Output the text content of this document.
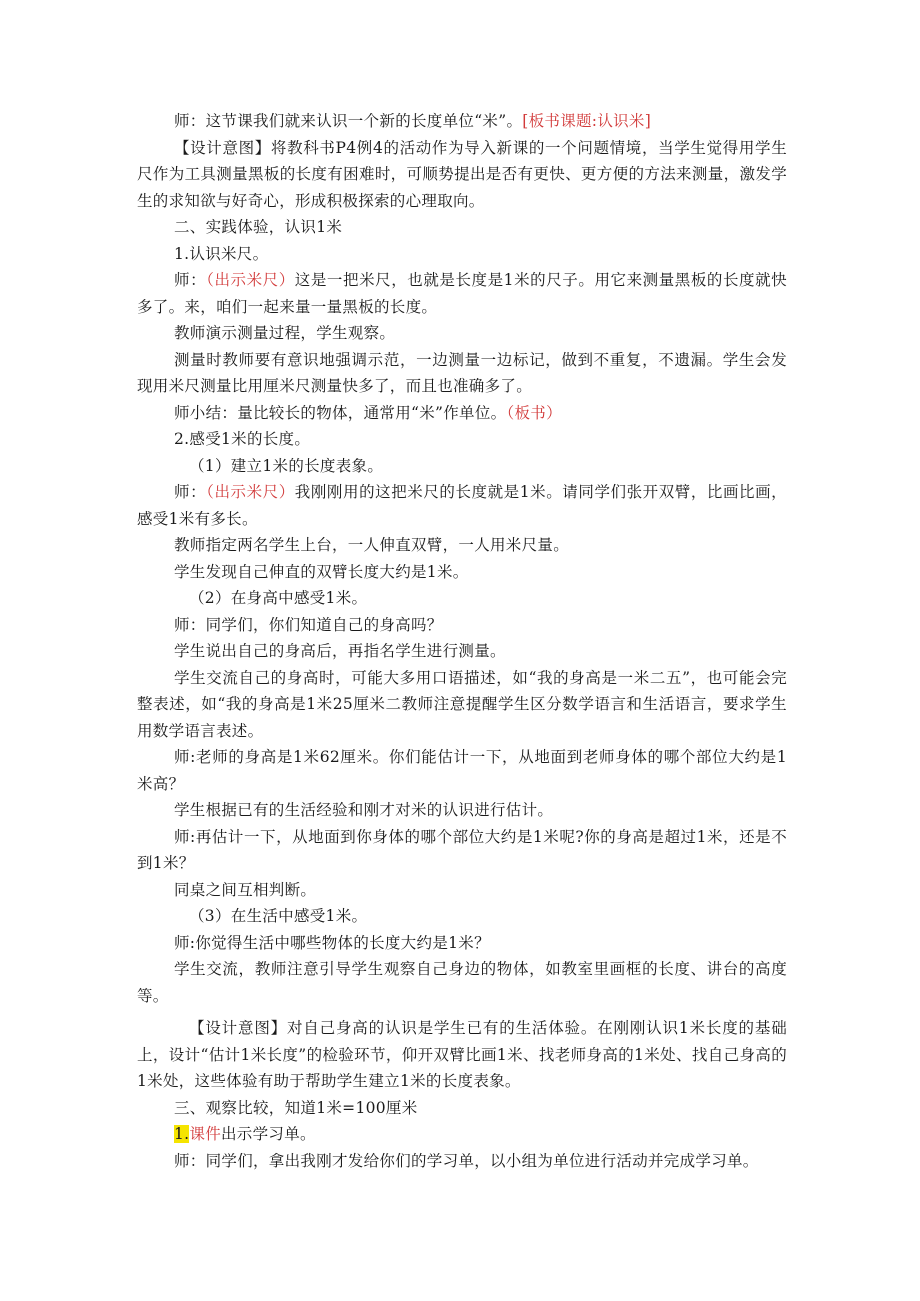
师：这节课我们就来认识一个新的长度单位“米”。[板书课题:认识米]

【设计意图】将教科书P4例4的活动作为导入新课的一个问题情境，当学生觉得用学生尺作为工具测量黑板的长度有困难时，可顺势提出是否有更快、更方便的方法来测量，激发学生的求知欲与好奇心，形成积极探索的心理取向。

二、实践体验，认识1米

1.认识米尺。

师：（出示米尺）这是一把米尺，也就是长度是1米的尺子。用它来测量黑板的长度就快多了。来，咱们一起来量一量黑板的长度。

教师演示测量过程，学生观察。

测量时教师要有意识地强调示范，一边测量一边标记，做到不重复，不遗漏。学生会发现用米尺测量比用厘米尺测量快多了，而且也准确多了。

师小结：量比较长的物体，通常用“米”作单位。（板书）

2.感受1米的长度。

（1）建立1米的长度表象。

师：（出示米尺）我刚刚用的这把米尺的长度就是1米。请同学们张开双臂，比画比画，感受1米有多长。

教师指定两名学生上台，一人伸直双臂，一人用米尺量。

学生发现自己伸直的双臂长度大约是1米。

（2）在身高中感受1米。

师：同学们，你们知道自己的身高吗？

学生说出自己的身高后，再指名学生进行测量。

学生交流自己的身高时，可能大多用口语描述，如“我的身高是一米二五”，也可能会完整表述，如“我的身高是1米25厘米二教师注意提醒学生区分数学语言和生活语言，要求学生用数学语言表述。

师:老师的身高是1米62厘米。你们能估计一下，从地面到老师身体的哪个部位大约是1米高？

学生根据已有的生活经验和刚才对米的认识进行估计。

师:再估计一下，从地面到你身体的哪个部位大约是1米呢?你的身高是超过1米，还是不到1米？

同桌之间互相判断。

（3）在生活中感受1米。

师:你觉得生活中哪些物体的长度大约是1米？

学生交流，教师注意引导学生观察自己身边的物体，如教室里画框的长度、讲台的高度等。

【设计意图】对自己身高的认识是学生已有的生活体验。在刚刚认识1米长度的基础上，设计“估计1米长度”的检验环节，仰开双臂比画1米、找老师身高的1米处、找自己身高的1米处，这些体验有助于帮助学生建立1米的长度表象。

三、观察比较，知道1米=100厘米

1.课件出示学习单。

师：同学们，拿出我刚才发给你们的学习单，以小组为单位进行活动并完成学习单。
